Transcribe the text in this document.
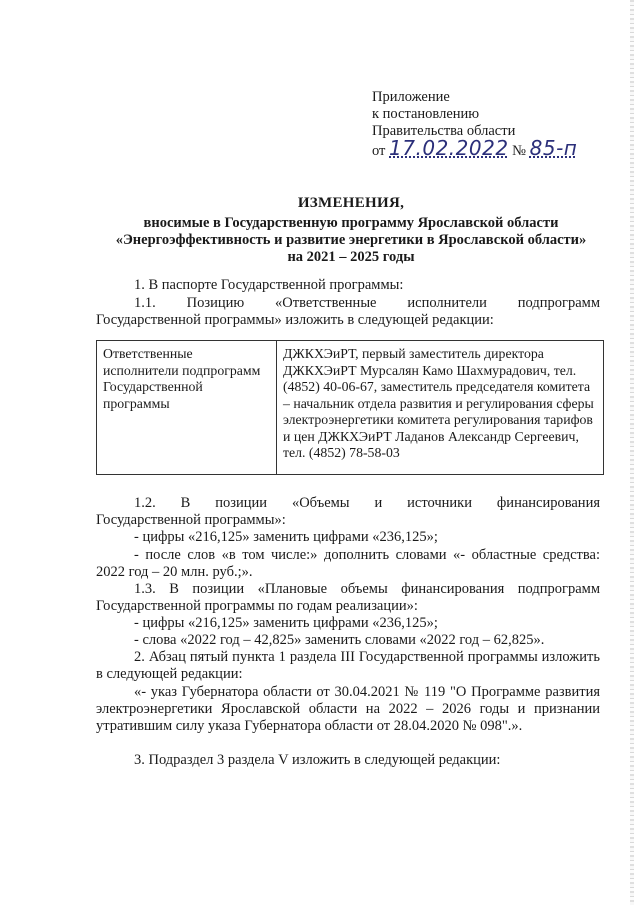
Приложение
к постановлению
Правительства области
от 17.02.2022 № 85-п
ИЗМЕНЕНИЯ,
вносимые в Государственную программу Ярославской области
«Энергоэффективность и развитие энергетики в Ярославской области»
на 2021 – 2025 годы
1. В паспорте Государственной программы:
1.1. Позицию «Ответственные исполнители подпрограмм
Государственной программы» изложить в следующей редакции:
Ответственные исполнители подпрограмм Государственной программы
ДЖКХЭиРТ, первый заместитель директора ДЖКХЭиРТ Мурсалян Камо Шахмурадович, тел. (4852) 40-06-67, заместитель председателя комитета – начальник отдела развития и регулирования сферы электроэнергетики комитета регулирования тарифов и цен ДЖКХЭиРТ Ладанов Александр Сергеевич, тел. (4852) 78-58-03
1.2. В позиции «Объемы и источники финансирования
Государственной программы»:
- цифры «216,125» заменить цифрами «236,125»;
- после слов «в том числе:» дополнить словами «- областные средства: 2022 год – 20 млн. руб.;».
1.3. В позиции «Плановые объемы финансирования подпрограмм Государственной программы по годам реализации»:
- цифры «216,125» заменить цифрами «236,125»;
- слова «2022 год – 42,825» заменить словами «2022 год – 62,825».
2. Абзац пятый пункта 1 раздела III Государственной программы изложить в следующей редакции:
«- указ Губернатора области от 30.04.2021 № 119 "О Программе развития электроэнергетики Ярославской области на 2022 – 2026 годы и признании утратившим силу указа Губернатора области от 28.04.2020 № 098".».
3. Подраздел 3 раздела V изложить в следующей редакции:
